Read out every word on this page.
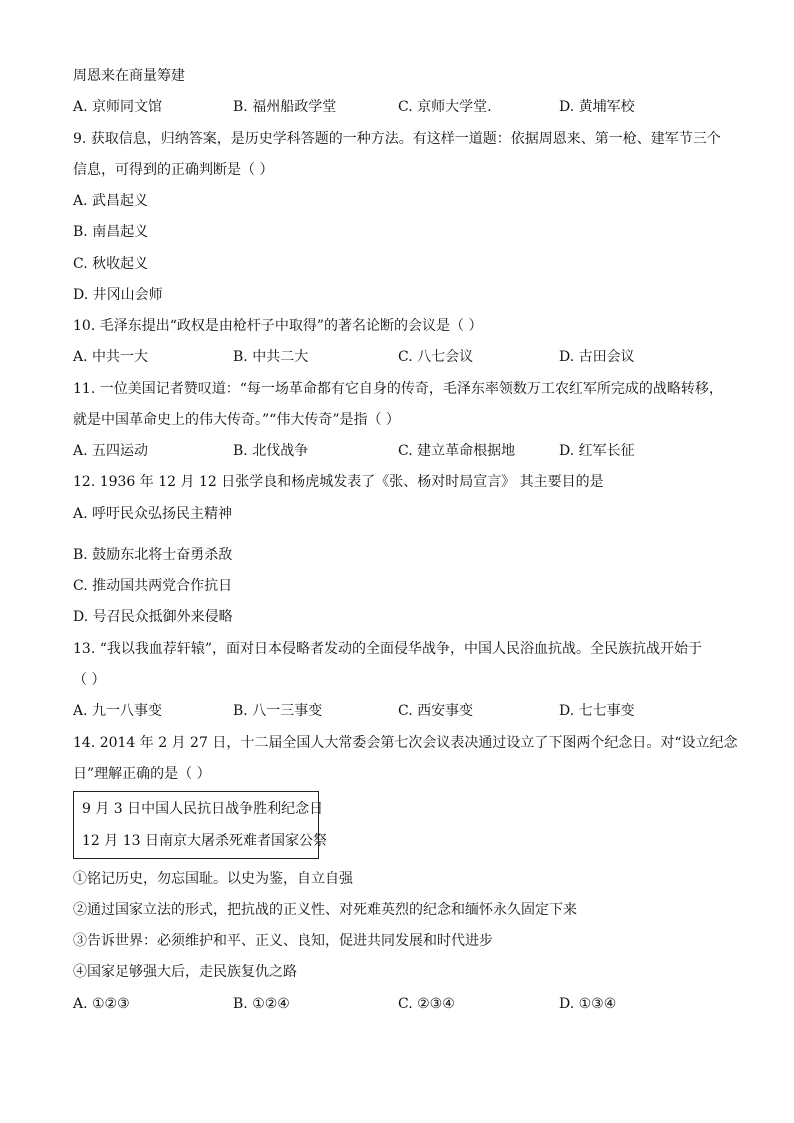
周恩来在商量筹建
A. 京师同文馆	B. 福州船政学堂	C. 京师大学堂.	D. 黄埔军校
9. 获取信息，归纳答案，是历史学科答题的一种方法。有这样一道题：依据周恩来、第一枪、建军节三个
信息，可得到的正确判断是（ ）
A. 武昌起义
B. 南昌起义
C. 秋收起义
D. 井冈山会师
10. 毛泽东提出“政权是由枪杆子中取得”的著名论断的会议是（ ）
A. 中共一大	B. 中共二大	C. 八七会议	D. 古田会议
11. 一位美国记者赞叹道：“每一场革命都有它自身的传奇，毛泽东率领数万工农红军所完成的战略转移，
就是中国革命史上的伟大传奇。”“伟大传奇”是指（ ）
A. 五四运动	B. 北伐战争	C. 建立革命根据地	D. 红军长征
12. 1936 年 12 月 12 日张学良和杨虎城发表了《张、杨对时局宣言》 其主要目的是
A. 呼吁民众弘扬民主精神
B. 鼓励东北将士奋勇杀敌
C. 推动国共两党合作抗日
D. 号召民众抵御外来侵略
13. “我以我血荐轩辕”，面对日本侵略者发动的全面侵华战争，中国人民浴血抗战。全民族抗战开始于
（ ）
A. 九一八事变	B. 八一三事变	C. 西安事变	D. 七七事变
14. 2014 年 2 月 27 日，十二届全国人大常委会第七次会议表决通过设立了下图两个纪念日。对“设立纪念
日”理解正确的是（ ）
9 月 3 日中国人民抗日战争胜利纪念日
12 月 13 日南京大屠杀死难者国家公祭
①铭记历史，勿忘国耻。以史为鉴，自立自强
②通过国家立法的形式，把抗战的正义性、对死难英烈的纪念和缅怀永久固定下来
③告诉世界：必须维护和平、正义、良知，促进共同发展和时代进步
④国家足够强大后，走民族复仇之路
A. ①②③	B. ①②④	C. ②③④	D. ①③④
